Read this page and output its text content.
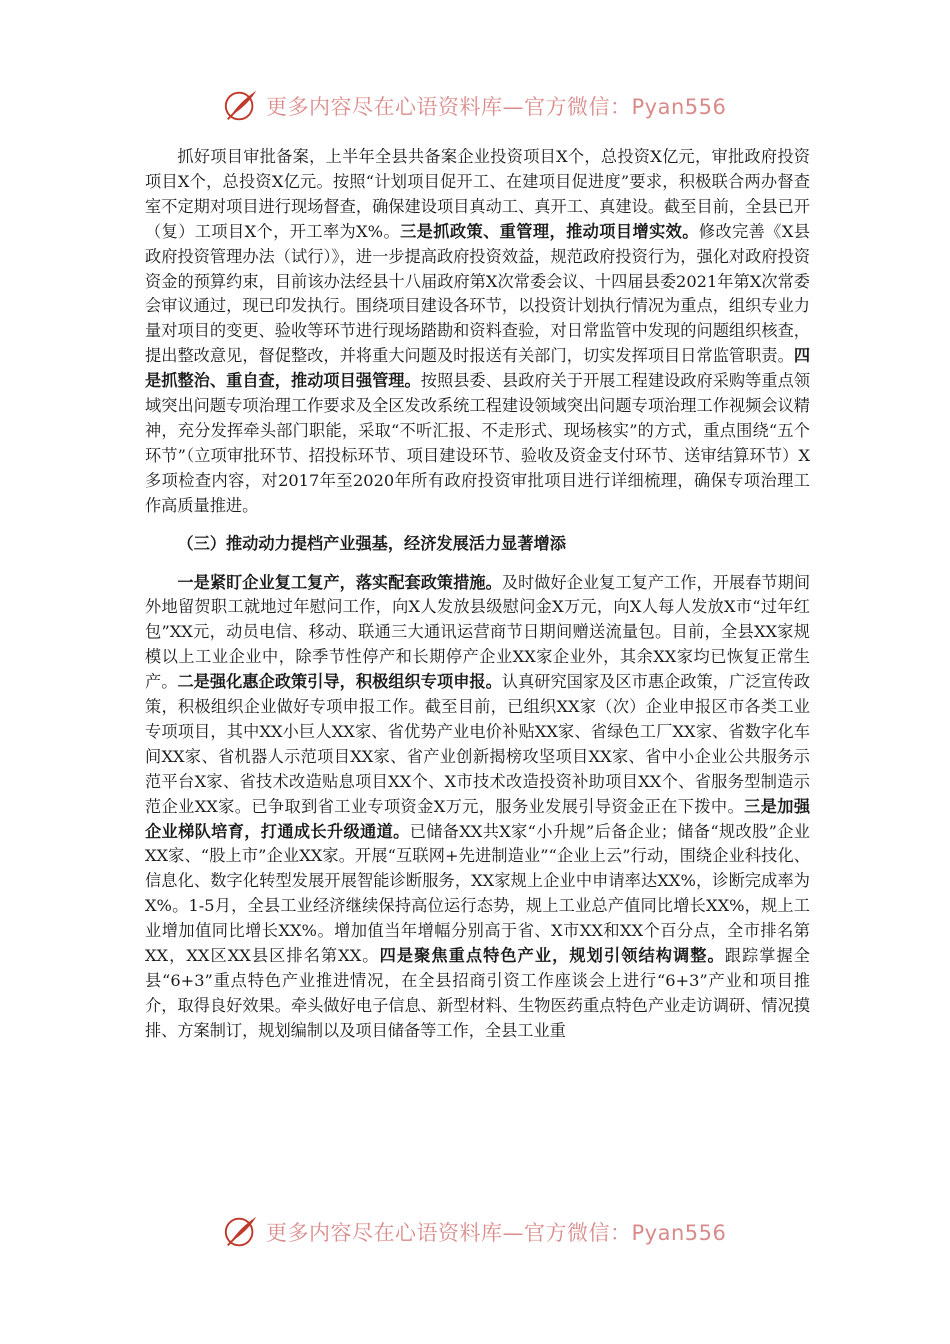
更多内容尽在心语资料库—官方微信：Pyan556

抓好项目审批备案，上半年全县共备案企业投资项目X个，总投资X亿元，审批政府投资项目X个，总投资X亿元。按照“计划项目促开工、在建项目促进度”要求，积极联合两办督查室不定期对项目进行现场督查，确保建设项目真动工、真开工、真建设。截至目前，全县已开（复）工项目X个，开工率为X%。三是抓政策、重管理，推动项目增实效。修改完善《X县政府投资管理办法（试行）》，进一步提高政府投资效益，规范政府投资行为，强化对政府投资资金的预算约束，目前该办法经县十八届政府第X次常委会议、十四届县委2021年第X次常委会审议通过，现已印发执行。围绕项目建设各环节，以投资计划执行情况为重点，组织专业力量对项目的变更、验收等环节进行现场踏勘和资料查验，对日常监管中发现的问题组织核查，提出整改意见，督促整改，并将重大问题及时报送有关部门，切实发挥项目日常监管职责。四是抓整治、重自查，推动项目强管理。按照县委、县政府关于开展工程建设政府采购等重点领域突出问题专项治理工作要求及全区发改系统工程建设领域突出问题专项治理工作视频会议精神，充分发挥牵头部门职能，采取“不听汇报、不走形式、现场核实”的方式，重点围绕“五个环节”（立项审批环节、招投标环节、项目建设环节、验收及资金支付环节、送审结算环节）X多项检查内容，对2017年至2020年所有政府投资审批项目进行详细梳理，确保专项治理工作高质量推进。

（三）推动动力提档产业强基，经济发展活力显著增添

一是紧盯企业复工复产，落实配套政策措施。及时做好企业复工复产工作，开展春节期间外地留贺职工就地过年慰问工作，向X人发放县级慰问金X万元，向X人每人发放X市“过年红包”XX元，动员电信、移动、联通三大通讯运营商节日期间赠送流量包。目前，全县XX家规模以上工业企业中，除季节性停产和长期停产企业XX家企业外，其余XX家均已恢复正常生产。二是强化惠企政策引导，积极组织专项申报。认真研究国家及区市惠企政策，广泛宣传政策，积极组织企业做好专项申报工作。截至目前，已组织XX家（次）企业申报区市各类工业专项项目，其中XX小巨人XX家、省优势产业电价补贴XX家、省绿色工厂XX家、省数字化车间XX家、省机器人示范项目XX家、省产业创新揭榜攻坚项目XX家、省中小企业公共服务示范平台X家、省技术改造贴息项目XX个、X市技术改造投资补助项目XX个、省服务型制造示范企业XX家。已争取到省工业专项资金X万元，服务业发展引导资金正在下拨中。三是加强企业梯队培育，打通成长升级通道。已储备XX共X家“小升规”后备企业；储备“规改股”企业XX家、“股上市”企业XX家。开展“互联网+先进制造业”“企业上云”行动，围绕企业科技化、信息化、数字化转型发展开展智能诊断服务，XX家规上企业中申请率达XX%，诊断完成率为X%。1-5月，全县工业经济继续保持高位运行态势，规上工业总产值同比增长XX%，规上工业增加值同比增长XX%。增加值当年增幅分别高于省、X市XX和XX个百分点，全市排名第XX，XX区XX县区排名第XX。四是聚焦重点特色产业，规划引领结构调整。跟踪掌握全县“6+3”重点特色产业推进情况，在全县招商引资工作座谈会上进行“6+3”产业和项目推介，取得良好效果。牵头做好电子信息、新型材料、生物医药重点特色产业走访调研、情况摸排、方案制订，规划编制以及项目储备等工作，全县工业重

更多内容尽在心语资料库—官方微信：Pyan556
